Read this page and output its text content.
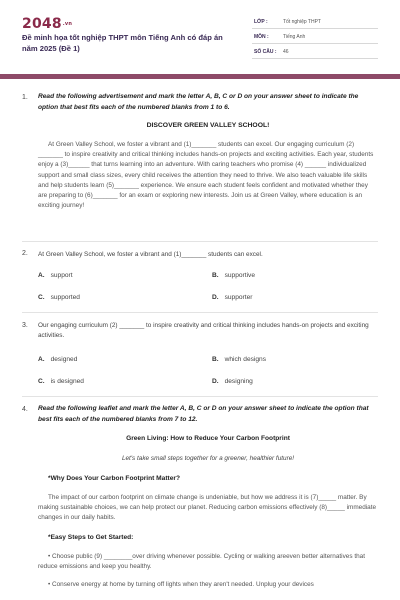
2048.vn
Đề minh họa tốt nghiệp THPT môn Tiếng Anh có đáp án năm 2025 (Đề 1)
LỚP :	Tốt nghiệp THPT
MÔN :	Tiếng Anh
SỐ CÂU : 46
1. Read the following advertisement and mark the letter A, B, C or D on your answer sheet to indicate the option that best fits each of the numbered blanks from 1 to 6.
DISCOVER GREEN VALLEY SCHOOL!
At Green Valley School, we foster a vibrant and (1)_______ students can excel. Our engaging curriculum (2) _______ to inspire creativity and critical thinking includes hands-on projects and exciting activities. Each year, students enjoy a (3)______ that turns learning into an adventure. With caring teachers who promise (4) ______ individualized support and small class sizes, every child receives the attention they need to thrive. We also teach valuable life skills and help students learn (5)_______ experience. We ensure each student feels confident and motivated whether they are preparing to (6)_______ for an exam or exploring new interests. Join us at Green Valley, where education is an exciting journey!
2. At Green Valley School, we foster a vibrant and (1)_______ students can excel.
A. support	B. supportive
C. supported	D. supporter
3. Our engaging curriculum (2) _______ to inspire creativity and critical thinking includes hands-on projects and exciting activities.
A. designed	B. which designs
C. is designed	D. designing
4. Read the following leaflet and mark the letter A, B, C or D on your answer sheet to indicate the option that best fits each of the numbered blanks from 7 to 12.
Green Living: How to Reduce Your Carbon Footprint
Let's take small steps together for a greener, healthier future!
*Why Does Your Carbon Footprint Matter?
The impact of our carbon footprint on climate change is undeniable, but how we address it is (7)_____ matter. By making sustainable choices, we can help protect our planet. Reducing carbon emissions effectively (8)_____ immediate changes in our daily habits.
*Easy Steps to Get Started:
• Choose public (9) ________over driving whenever possible. Cycling or walking areeven better alternatives that reduce emissions and keep you healthy.
• Conserve energy at home by turning off lights when they aren't needed. Unplug your devices
